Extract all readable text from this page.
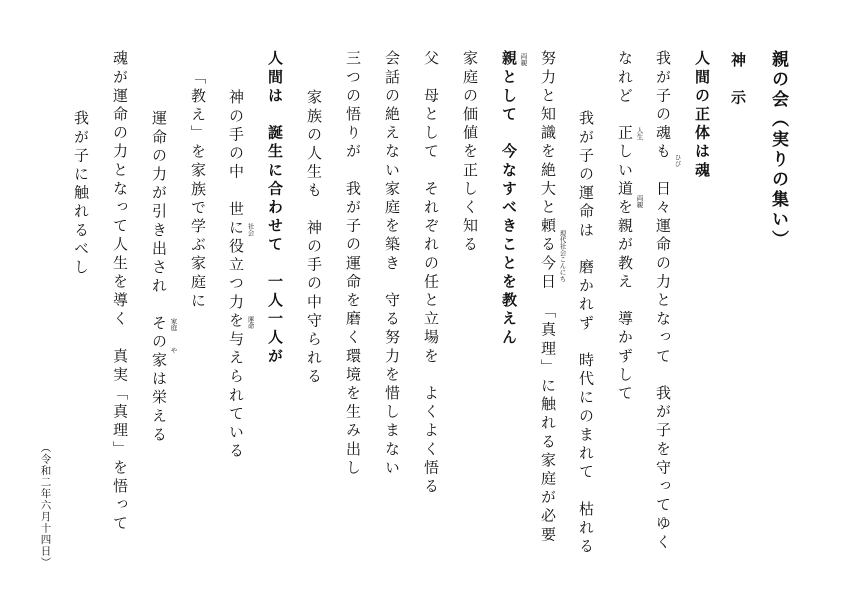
親の会（実りの集い）
神　示
人間の正体は魂
我が子の魂も　日々運命の力となって　我が子を守ってゆく
なれど　正しい道を親が教え　導かずして
我が子の運命は　磨かれず　時代にのまれて　枯れる
努力と知識を絶大と頼る今日　「真理」に触れる家庭が必要
親として　今なすべきことを教えん
家庭の価値を正しく知る
父　母として　それぞれの任と立場を　よくよく悟る
会話の絶えない家庭を築き　守る努力を惜しまない
三つの悟りが　我が子の運命を磨く環境を生み出し
家族の人生も　神の手の中守られる
人間は　誕生に合わせて　一人一人が
神の手の中　世に役立つ力を与えられている
「教え」を家族で学ぶ家庭に
運命の力が引き出され　その家は栄える
魂が運命の力となって人生を導く　真実「真理」を悟って
我が子に触れるべし
（令和二年六月十四日）
ひび
人生
両親
現代社会こんにち
両親
社会
運命
家庭
や
